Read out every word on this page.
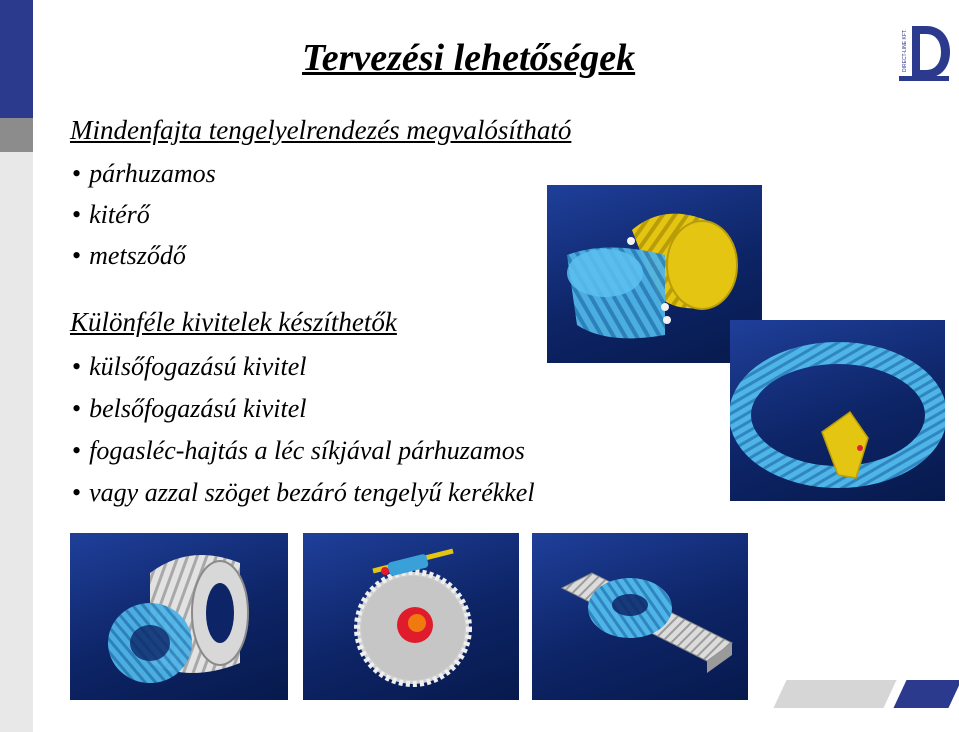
Tervezési lehetőségek	DIRECT-LINE KFT.
Mindenfajta tengelyelrendezés megvalósítható
• párhuzamos
• kitérő
• metsződő
Különféle kivitelek készíthetők
• külsőfogazású kivitel
• belsőfogazású kivitel
• fogasléc-hajtás a léc síkjával párhuzamos
• vagy azzal szöget bezáró tengelyű kerékkel
